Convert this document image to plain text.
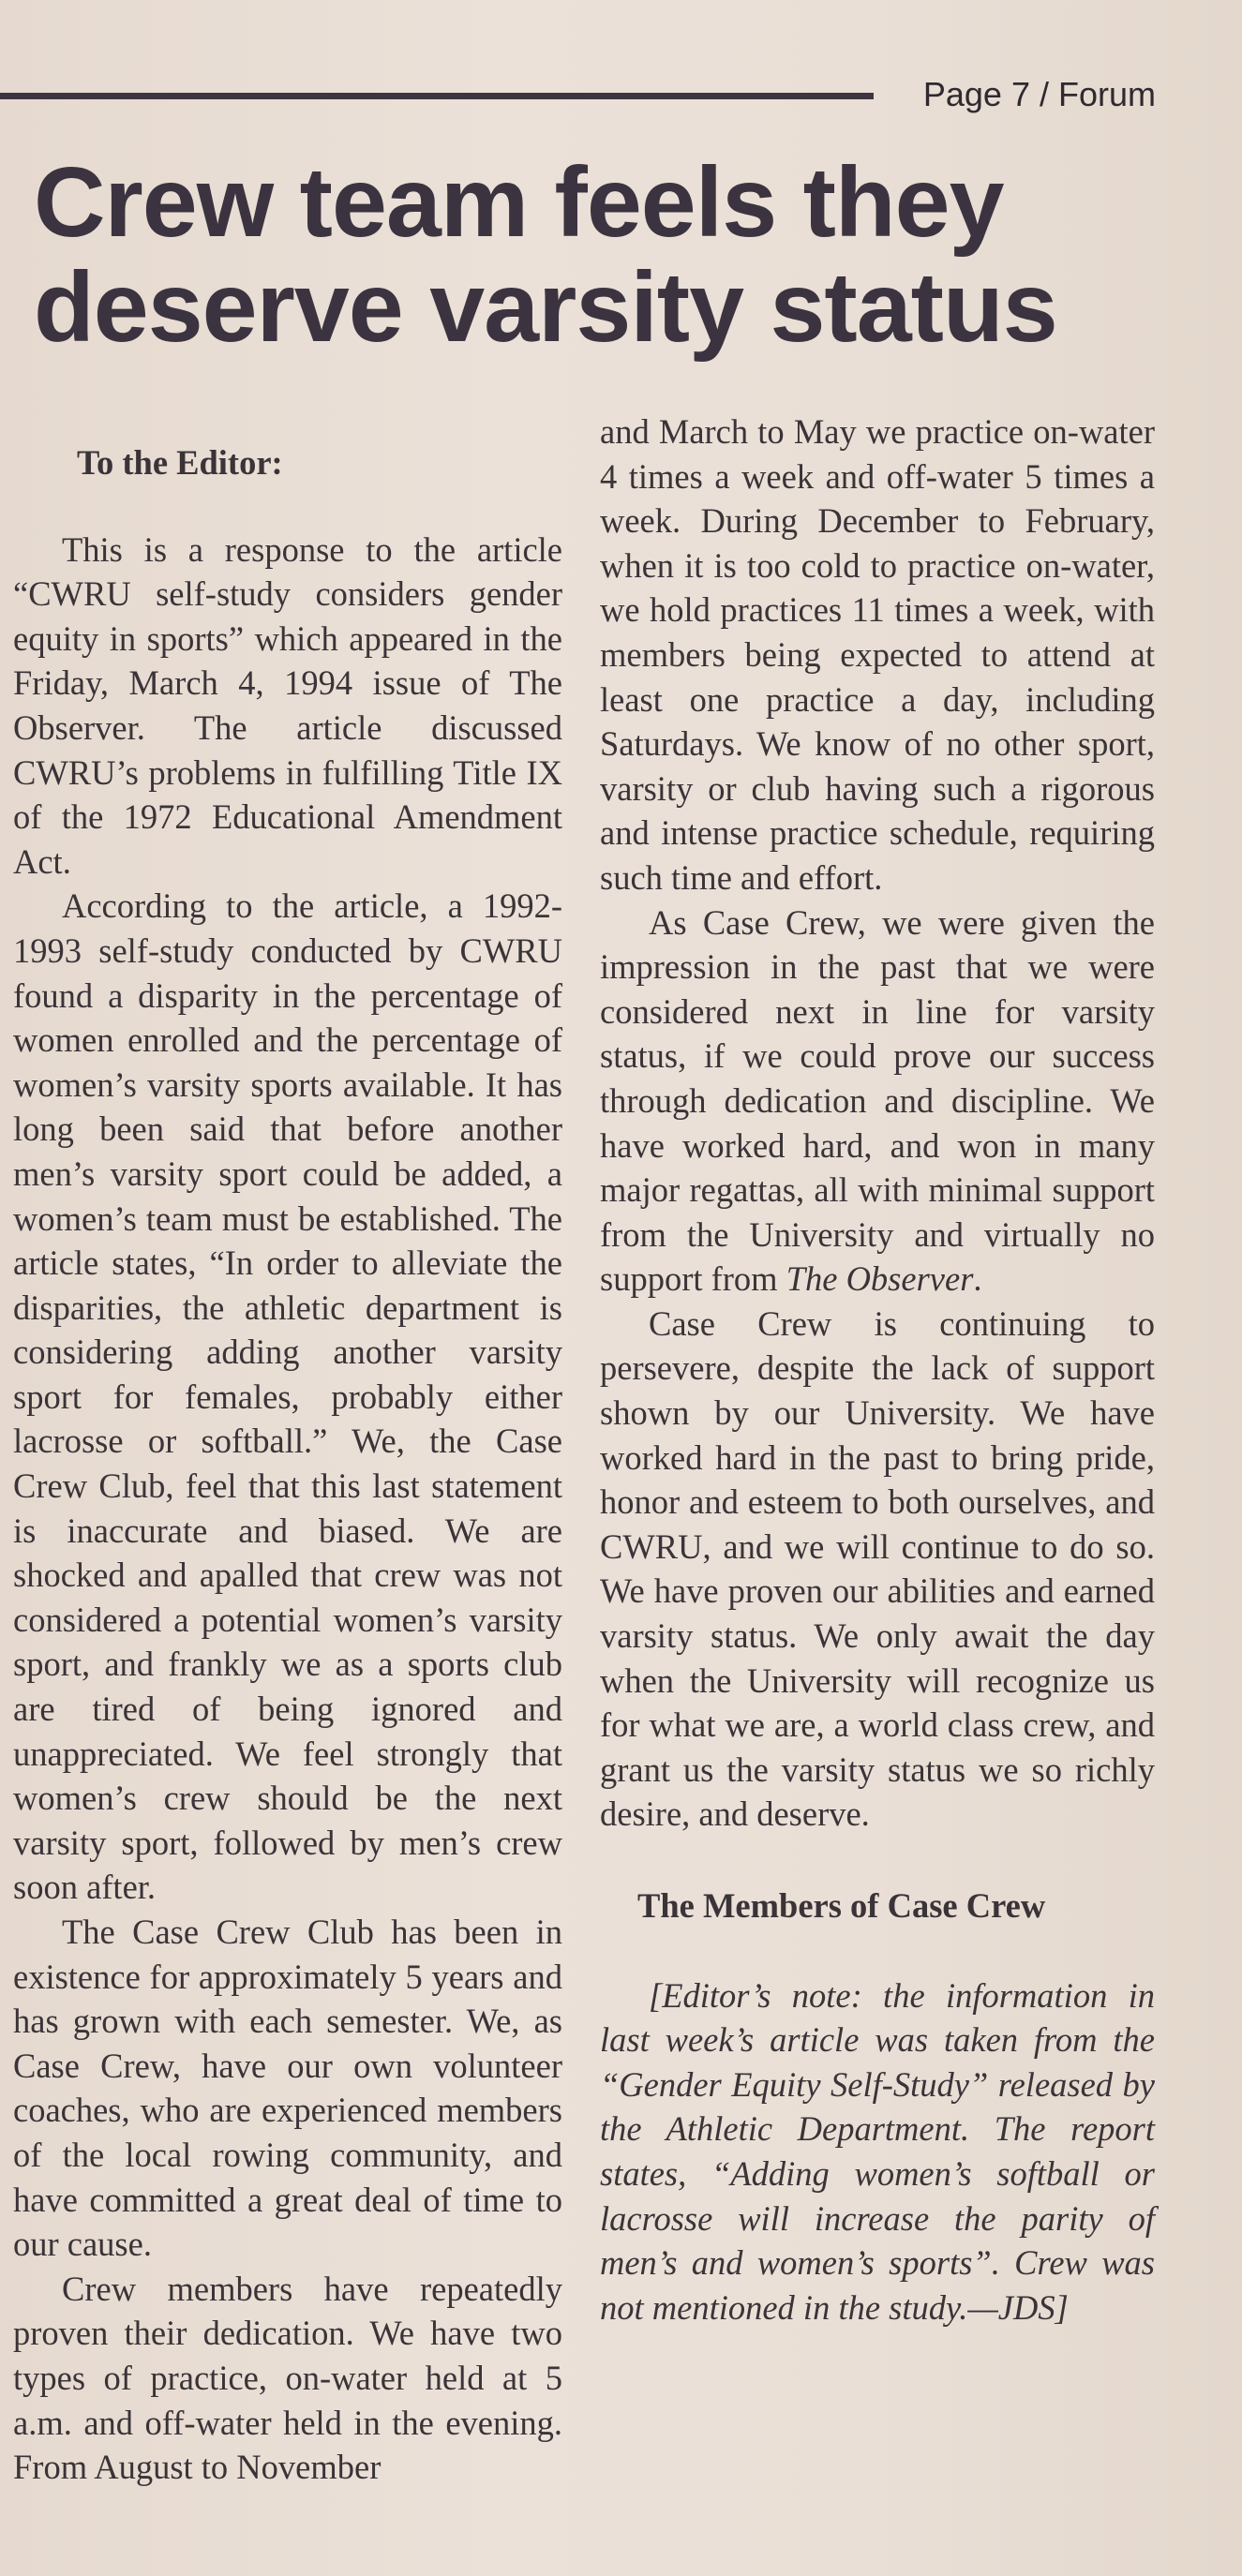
Page 7 / Forum
Crew team feels they deserve varsity status

To the Editor:

This is a response to the article “CWRU self-study considers gender equity in sports” which appeared in the Friday, March 4, 1994 issue of The Observer. The article discussed CWRU’s problems in fulfilling Title IX of the 1972 Educational Amendment Act.

According to the article, a 1992-1993 self-study conducted by CWRU found a disparity in the percentage of women enrolled and the percentage of women’s varsity sports available. It has long been said that before another men’s varsity sport could be added, a women’s team must be established. The article states, “In order to alleviate the disparities, the athletic department is considering adding another varsity sport for females, probably either lacrosse or softball.” We, the Case Crew Club, feel that this last statement is inaccurate and biased. We are shocked and apalled that crew was not considered a potential women’s varsity sport, and frankly we as a sports club are tired of being ignored and unappreciated. We feel strongly that women’s crew should be the next varsity sport, followed by men’s crew soon after.

The Case Crew Club has been in existence for approximately 5 years and has grown with each semester. We, as Case Crew, have our own volunteer coaches, who are experienced members of the local rowing community, and have committed a great deal of time to our cause.

Crew members have repeatedly proven their dedication. We have two types of practice, on-water held at 5 a.m. and off-water held in the evening. From August to November

and March to May we practice on-water 4 times a week and off-water 5 times a week. During December to February, when it is too cold to practice on-water, we hold practices 11 times a week, with members being expected to attend at least one practice a day, including Saturdays. We know of no other sport, varsity or club having such a rigorous and intense practice schedule, requiring such time and effort.

As Case Crew, we were given the impression in the past that we were considered next in line for varsity status, if we could prove our success through dedication and discipline. We have worked hard, and won in many major regattas, all with minimal support from the University and virtually no support from The Observer.

Case Crew is continuing to persevere, despite the lack of support shown by our University. We have worked hard in the past to bring pride, honor and esteem to both ourselves, and CWRU, and we will continue to do so. We have proven our abilities and earned varsity status. We only await the day when the University will recognize us for what we are, a world class crew, and grant us the varsity status we so richly desire, and deserve.

The Members of Case Crew

[Editor’s note: the information in last week’s article was taken from the “Gender Equity Self-Study” released by the Athletic Department. The report states, “Adding women’s softball or lacrosse will increase the parity of men’s and women’s sports”. Crew was not mentioned in the study.—JDS]
